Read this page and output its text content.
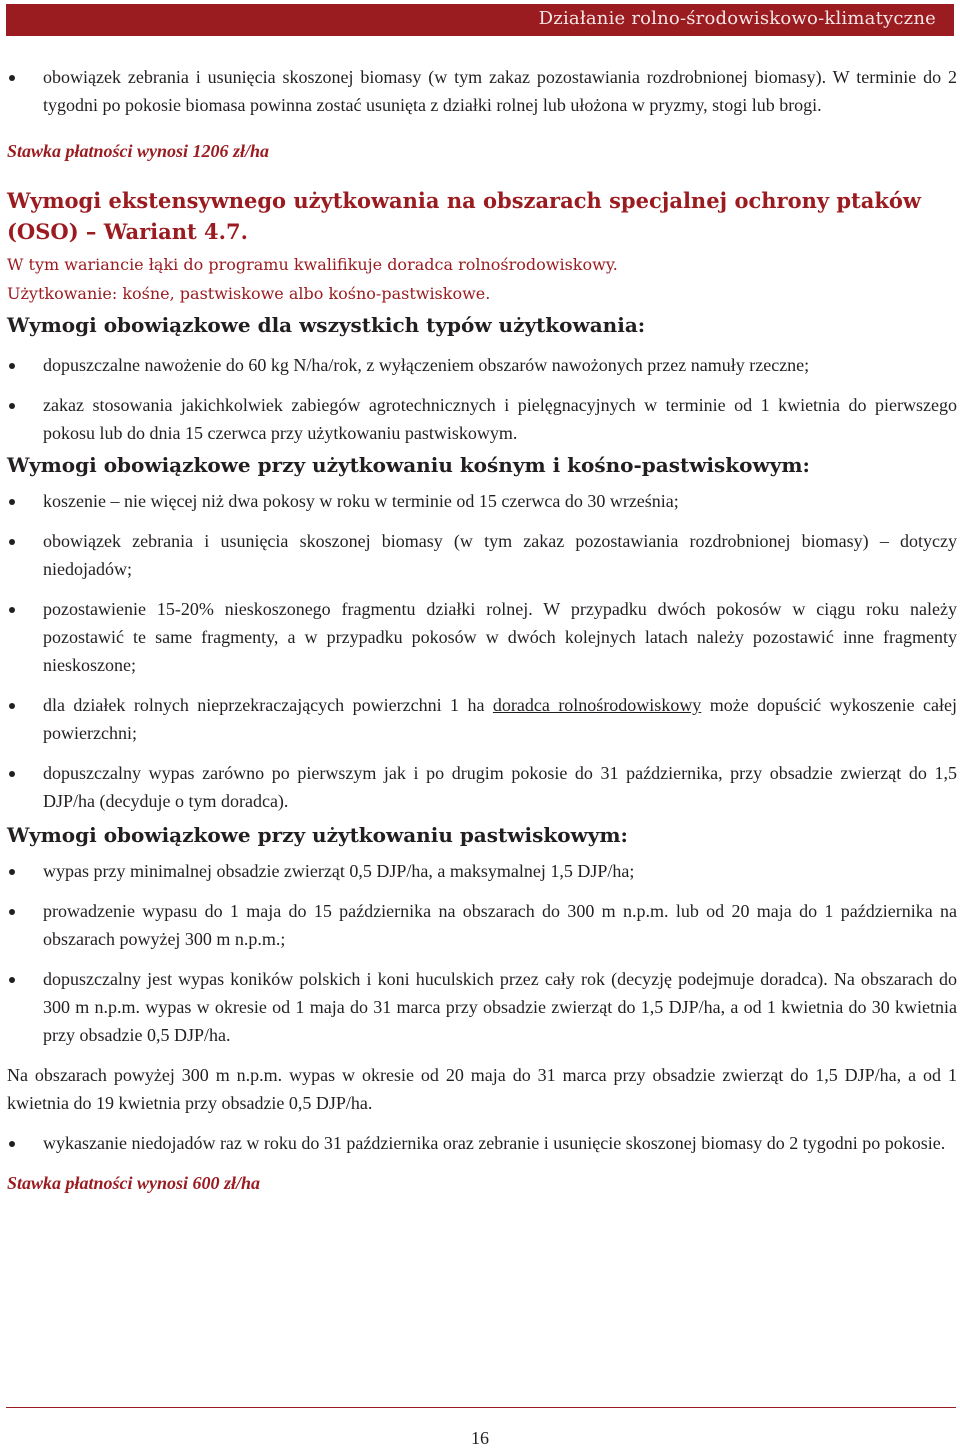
Działanie rolno-środowiskowo-klimatyczne
obowiązek zebrania i usunięcia skoszonej biomasy (w tym zakaz pozostawiania rozdrobnionej biomasy). W terminie do 2 tygodni po pokosie biomasa powinna zostać usunięta z działki rolnej lub ułożona w pryzmy, stogi lub brogi.

Stawka płatności wynosi 1206 zł/ha

Wymogi ekstensywnego użytkowania na obszarach specjalnej ochrony ptaków (OSO) – Wariant 4.7.

W tym wariancie łąki do programu kwalifikuje doradca rolnośrodowiskowy.

Użytkowanie: kośne, pastwiskowe albo kośno-pastwiskowe.

Wymogi obowiązkowe dla wszystkich typów użytkowania:
dopuszczalne nawożenie do 60 kg N/ha/rok, z wyłączeniem obszarów nawożonych przez namuły rzeczne;
zakaz stosowania jakichkolwiek zabiegów agrotechnicznych i pielęgnacyjnych w terminie od 1 kwietnia do pierwszego pokosu lub do dnia 15 czerwca przy użytkowaniu pastwiskowym.
Wymogi obowiązkowe przy użytkowaniu kośnym i kośno-pastwiskowym:
koszenie – nie więcej niż dwa pokosy w roku w terminie od 15 czerwca do 30 września;
obowiązek zebrania i usunięcia skoszonej biomasy (w tym zakaz pozostawiania rozdrobnionej biomasy) – dotyczy niedojadów;
pozostawienie 15-20% nieskoszonego fragmentu działki rolnej. W przypadku dwóch pokosów w ciągu roku należy pozostawić te same fragmenty, a w przypadku pokosów w dwóch kolejnych latach należy pozostawić inne fragmenty nieskoszone;
dla działek rolnych nieprzekraczających powierzchni 1 ha doradca rolnośrodowiskowy może dopuścić wykoszenie całej powierzchni;
dopuszczalny wypas zarówno po pierwszym jak i po drugim pokosie do 31 października, przy obsadzie zwierząt do 1,5 DJP/ha (decyduje o tym doradca).
Wymogi obowiązkowe przy użytkowaniu pastwiskowym:
wypas przy minimalnej obsadzie zwierząt 0,5 DJP/ha, a maksymalnej 1,5 DJP/ha;
prowadzenie wypasu do 1 maja do 15 października na obszarach do 300 m n.p.m. lub od 20 maja do 1 października na obszarach powyżej 300 m n.p.m.;
dopuszczalny jest wypas koników polskich i koni huculskich przez cały rok (decyzję podejmuje doradca). Na obszarach do 300 m n.p.m. wypas w okresie od 1 maja do 31 marca przy obsadzie zwierząt do 1,5 DJP/ha, a od 1 kwietnia do 30 kwietnia przy obsadzie 0,5 DJP/ha.

Na obszarach powyżej 300 m n.p.m. wypas w okresie od 20 maja do 31 marca przy obsadzie zwierząt do 1,5 DJP/ha, a od 1 kwietnia do 19 kwietnia przy obsadzie 0,5 DJP/ha.

wykaszanie niedojadów raz w roku do 31 października oraz zebranie i usunięcie skoszonej biomasy do 2 tygodni po pokosie.

Stawka płatności wynosi 600 zł/ha

16
